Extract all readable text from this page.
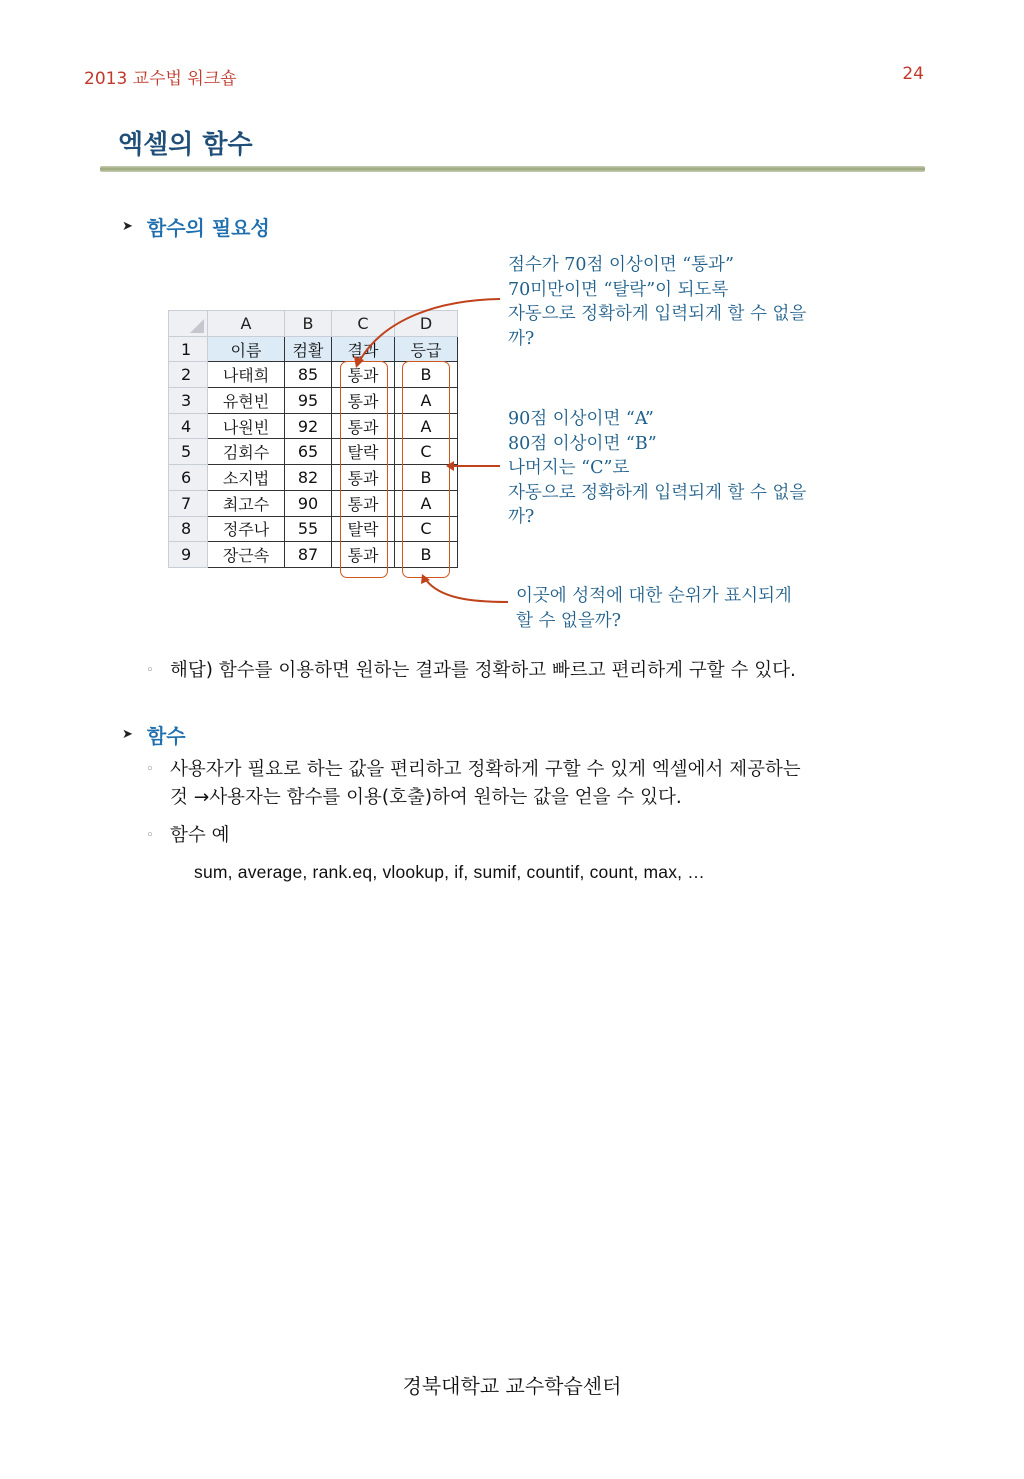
2013 교수법 워크숍	24
엑셀의 함수
➤ 함수의 필요성
	A	B	C	D
1	이름	컴활	결과	등급
2	나태희	85	통과	B
3	유현빈	95	통과	A
4	나원빈	92	통과	A
5	김회수	65	탈락	C
6	소지법	82	통과	B
7	최고수	90	통과	A
8	정주나	55	탈락	C
9	장근속	87	통과	B
점수가 70점 이상이면 “통과”
70미만이면 “탈락”이 되도록
자동으로 정확하게 입력되게 할 수 없을
까?
90점 이상이면 “A”
80점 이상이면 “B”
나머지는 “C”로
자동으로 정확하게 입력되게 할 수 없을
까?
이곳에 성적에 대한 순위가 표시되게
할 수 없을까?
◦ 해답) 함수를 이용하면 원하는 결과를 정확하고 빠르고 편리하게 구할 수 있다.
➤ 함수
◦ 사용자가 필요로 하는 값을 편리하고 정확하게 구할 수 있게 엑셀에서 제공하는
것 →사용자는 함수를 이용(호출)하여 원하는 값을 얻을 수 있다.
◦ 함수 예
sum, average, rank.eq, vlookup, if, sumif, countif, count, max, …
경북대학교 교수학습센터
